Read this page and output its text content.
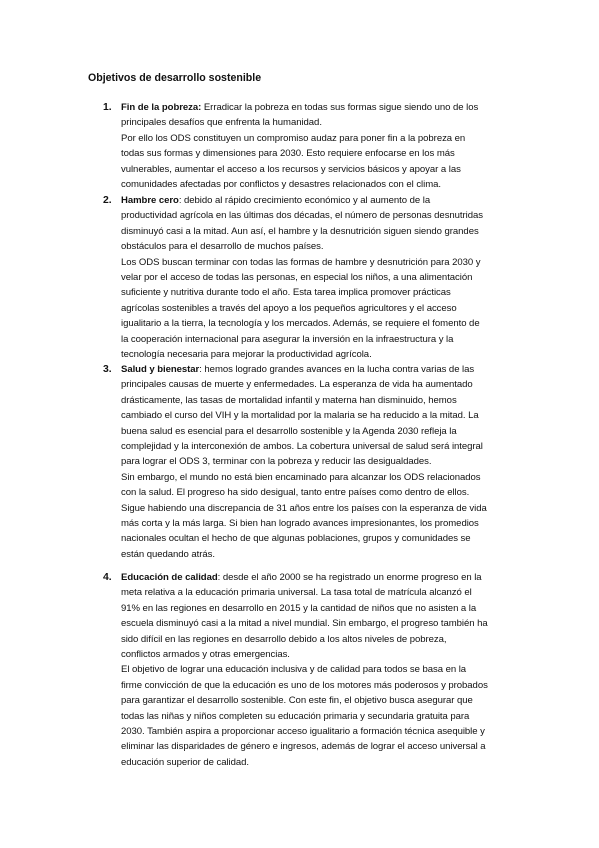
Objetivos de desarrollo sostenible
1. Fin de la pobreza: Erradicar la pobreza en todas sus formas sigue siendo uno de los
principales desafíos que enfrenta la humanidad.
Por ello los ODS constituyen un compromiso audaz para poner fin a la pobreza en
todas sus formas y dimensiones para 2030. Esto requiere enfocarse en los más
vulnerables, aumentar el acceso a los recursos y servicios básicos y apoyar a las
comunidades afectadas por conflictos y desastres relacionados con el clima.
2. Hambre cero: debido al rápido crecimiento económico y al aumento de la
productividad agrícola en las últimas dos décadas, el número de personas desnutridas
disminuyó casi a la mitad. Aun así, el hambre y la desnutrición siguen siendo grandes
obstáculos para el desarrollo de muchos países.
Los ODS buscan terminar con todas las formas de hambre y desnutrición para 2030 y
velar por el acceso de todas las personas, en especial los niños, a una alimentación
suficiente y nutritiva durante todo el año. Esta tarea implica promover prácticas
agrícolas sostenibles a través del apoyo a los pequeños agricultores y el acceso
igualitario a la tierra, la tecnología y los mercados. Además, se requiere el fomento de
la cooperación internacional para asegurar la inversión en la infraestructura y la
tecnología necesaria para mejorar la productividad agrícola.
3. Salud y bienestar: hemos logrado grandes avances en la lucha contra varias de las
principales causas de muerte y enfermedades. La esperanza de vida ha aumentado
drásticamente, las tasas de mortalidad infantil y materna han disminuido, hemos
cambiado el curso del VIH y la mortalidad por la malaria se ha reducido a la mitad. La
buena salud es esencial para el desarrollo sostenible y la Agenda 2030 refleja la
complejidad y la interconexión de ambos. La cobertura universal de salud será integral
para lograr el ODS 3, terminar con la pobreza y reducir las desigualdades.
Sin embargo, el mundo no está bien encaminado para alcanzar los ODS relacionados
con la salud. El progreso ha sido desigual, tanto entre países como dentro de ellos.
Sigue habiendo una discrepancia de 31 años entre los países con la esperanza de vida
más corta y la más larga. Si bien han logrado avances impresionantes, los promedios
nacionales ocultan el hecho de que algunas poblaciones, grupos y comunidades se
están quedando atrás.
4. Educación de calidad: desde el año 2000 se ha registrado un enorme progreso en la
meta relativa a la educación primaria universal. La tasa total de matrícula alcanzó el
91% en las regiones en desarrollo en 2015 y la cantidad de niños que no asisten a la
escuela disminuyó casi a la mitad a nivel mundial. Sin embargo, el progreso también ha
sido difícil en las regiones en desarrollo debido a los altos niveles de pobreza,
conflictos armados y otras emergencias.
El objetivo de lograr una educación inclusiva y de calidad para todos se basa en la
firme convicción de que la educación es uno de los motores más poderosos y probados
para garantizar el desarrollo sostenible. Con este fin, el objetivo busca asegurar que
todas las niñas y niños completen su educación primaria y secundaria gratuita para
2030. También aspira a proporcionar acceso igualitario a formación técnica asequible y
eliminar las disparidades de género e ingresos, además de lograr el acceso universal a
educación superior de calidad.
